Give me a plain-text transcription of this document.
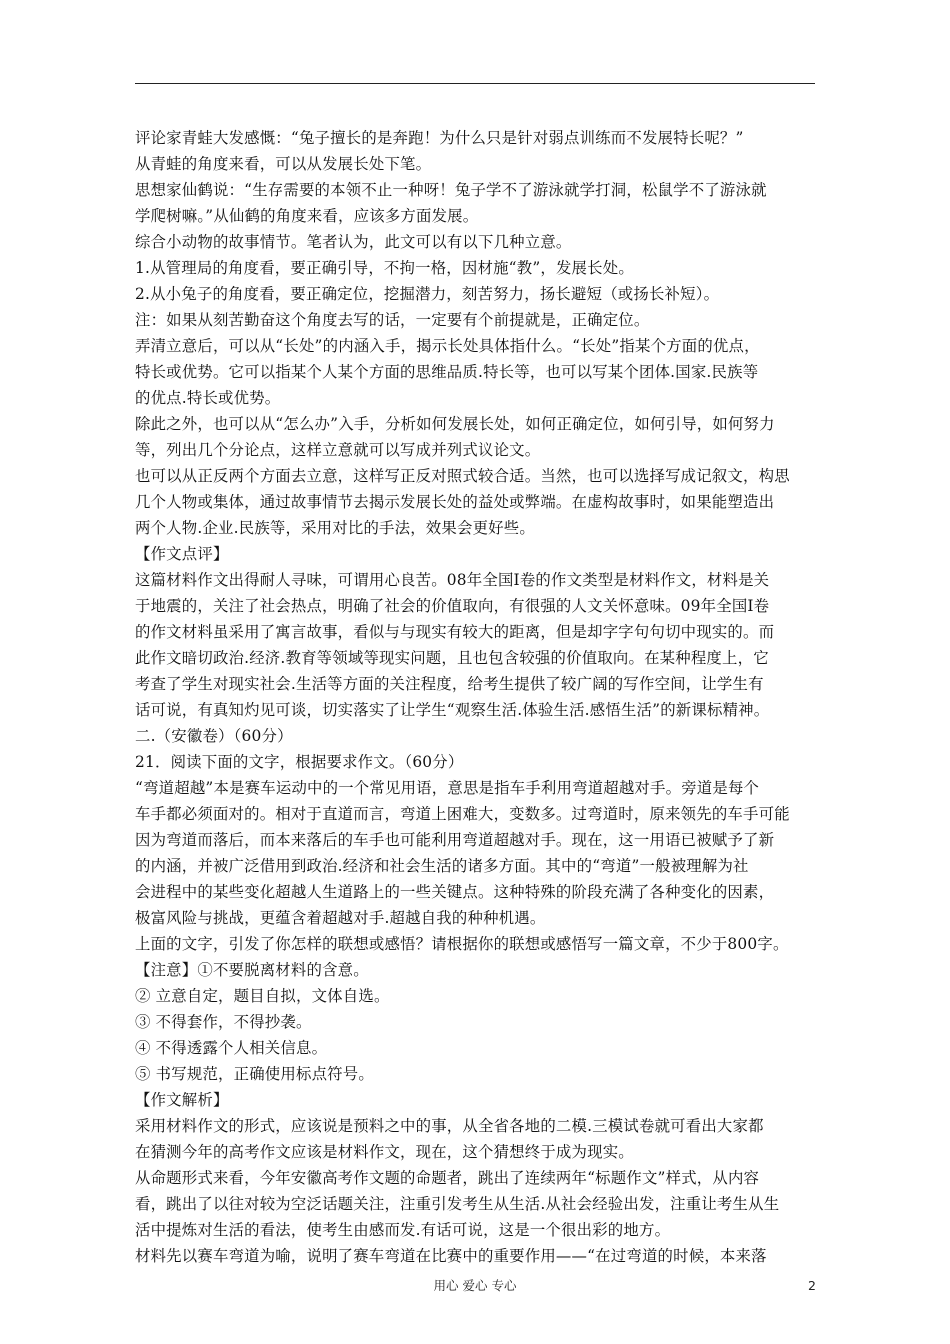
评论家青蛙大发感慨：“兔子擅长的是奔跑！为什么只是针对弱点训练而不发展特长呢？”
从青蛙的角度来看，可以从发展长处下笔。
思想家仙鹤说：“生存需要的本领不止一种呀！兔子学不了游泳就学打洞，松鼠学不了游泳就
学爬树嘛。”从仙鹤的角度来看，应该多方面发展。
综合小动物的故事情节。笔者认为，此文可以有以下几种立意。
1.从管理局的角度看，要正确引导，不拘一格，因材施“教”，发展长处。
2.从小兔子的角度看，要正确定位，挖掘潜力，刻苦努力，扬长避短（或扬长补短）。
注：如果从刻苦勤奋这个角度去写的话，一定要有个前提就是，正确定位。
弄清立意后，可以从“长处”的内涵入手，揭示长处具体指什么。“长处”指某个方面的优点，
特长或优势。它可以指某个人某个方面的思维品质.特长等，也可以写某个团体.国家.民族等
的优点.特长或优势。
除此之外，也可以从“怎么办”入手，分析如何发展长处，如何正确定位，如何引导，如何努力
等，列出几个分论点，这样立意就可以写成并列式议论文。
也可以从正反两个方面去立意，这样写正反对照式较合适。当然，也可以选择写成记叙文，构思
几个人物或集体，通过故事情节去揭示发展长处的益处或弊端。在虚构故事时，如果能塑造出
两个人物.企业.民族等，采用对比的手法，效果会更好些。
【作文点评】
这篇材料作文出得耐人寻味，可谓用心良苦。08年全国Ⅰ卷的作文类型是材料作文，材料是关
于地震的，关注了社会热点，明确了社会的价值取向，有很强的人文关怀意味。09年全国Ⅰ卷
的作文材料虽采用了寓言故事，看似与与现实有较大的距离，但是却字字句句切中现实的。而
此作文暗切政治.经济.教育等领域等现实问题，且也包含较强的价值取向。在某种程度上，它
考查了学生对现实社会.生活等方面的关注程度，给考生提供了较广阔的写作空间，让学生有
话可说，有真知灼见可谈，切实落实了让学生“观察生活.体验生活.感悟生活”的新课标精神。
二.（安徽卷）（60分）
21．阅读下面的文字，根据要求作文。（60分）
“弯道超越”本是赛车运动中的一个常见用语，意思是指车手利用弯道超越对手。旁道是每个
车手都必须面对的。相对于直道而言，弯道上困难大，变数多。过弯道时，原来领先的车手可能
因为弯道而落后，而本来落后的车手也可能利用弯道超越对手。现在，这一用语已被赋予了新
的内涵，并被广泛借用到政治.经济和社会生活的诸多方面。其中的“弯道”一般被理解为社
会进程中的某些变化超越人生道路上的一些关键点。这种特殊的阶段充满了各种变化的因素，
极富风险与挑战，更蕴含着超越对手.超越自我的种种机遇。
上面的文字，引发了你怎样的联想或感悟？请根据你的联想或感悟写一篇文章，不少于800字。
【注意】①不要脱离材料的含意。
② 立意自定，题目自拟，文体自选。
③ 不得套作，不得抄袭。
④ 不得透露个人相关信息。
⑤ 书写规范，正确使用标点符号。
【作文解析】
采用材料作文的形式，应该说是预料之中的事，从全省各地的二模.三模试卷就可看出大家都
在猜测今年的高考作文应该是材料作文，现在，这个猜想终于成为现实。
从命题形式来看，今年安徽高考作文题的命题者，跳出了连续两年“标题作文”样式，从内容
看，跳出了以往对较为空泛话题关注，注重引发考生从生活.从社会经验出发，注重让考生从生
活中提炼对生活的看法，使考生由感而发.有话可说，这是一个很出彩的地方。
材料先以赛车弯道为喻，说明了赛车弯道在比赛中的重要作用——“在过弯道的时候，本来落
用心 爱心 专心	2
